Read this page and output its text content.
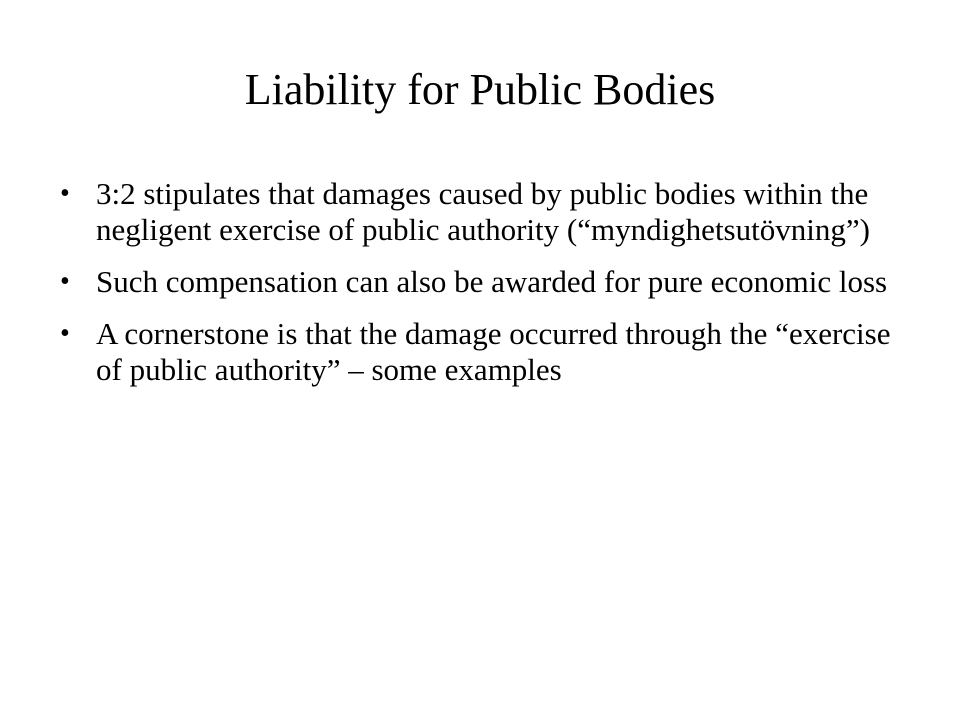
Liability for Public Bodies
• 3:2 stipulates that damages caused by public bodies within the negligent exercise of public authority (“myndighetsutövning”)
• Such compensation can also be awarded for pure economic loss
• A cornerstone is that the damage occurred through the “exercise of public authority” – some examples
